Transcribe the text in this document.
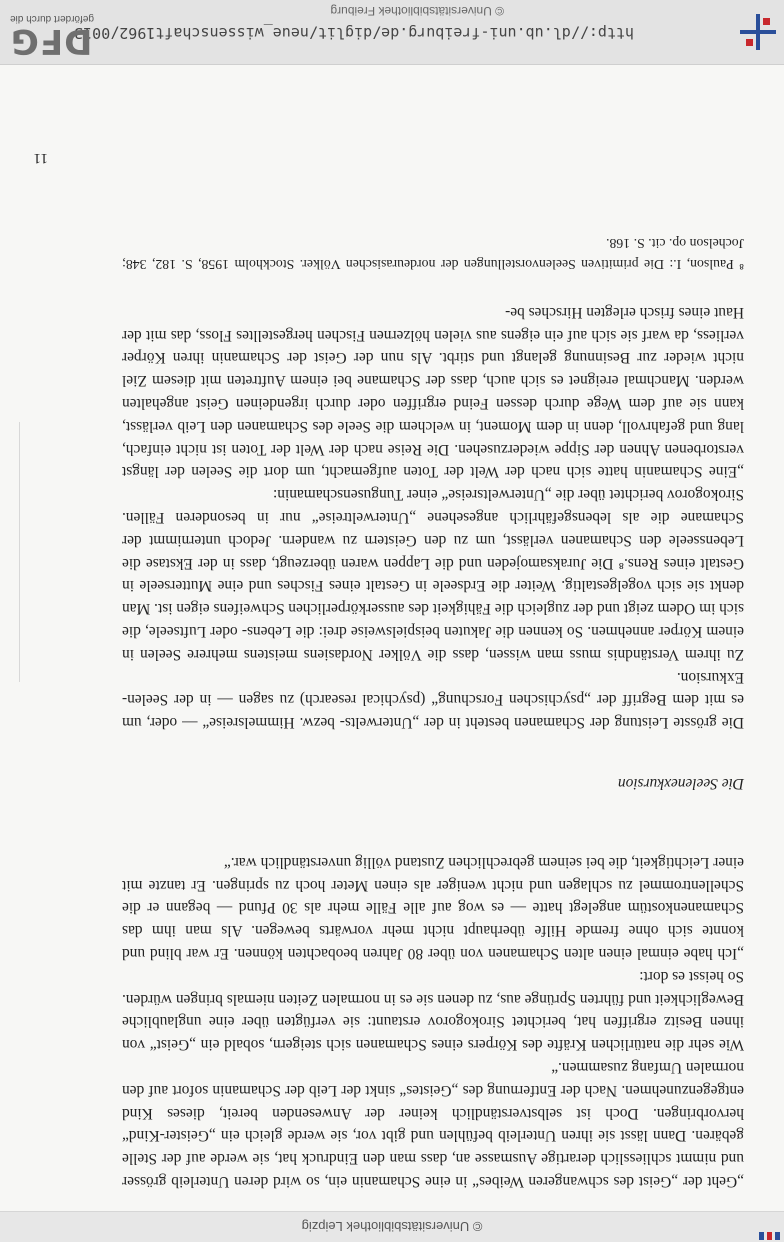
© Universitätsbibliothek Leipzig

„Geht der „Geist des schwangeren Weibes“ in eine Schamanin ein, so wird deren Unterleib grösser und nimmt schliesslich derartige Ausmasse an, dass man den Eindruck hat, sie werde auf der Stelle gebären. Dann lässt sie ihren Unterleib befühlen und gibt vor, sie werde gleich ein „Geister-Kind“ hervorbringen. Doch ist selbstverständlich keiner der Anwesenden bereit, dieses Kind entgegenzunehmen. Nach der Entfernung des „Geistes“ sinkt der Leib der Schamanin sofort auf den normalen Umfang zusammen.“

Wie sehr die natürlichen Kräfte des Körpers eines Schamanen sich steigern, sobald ein „Geist“ von ihnen Besitz ergriffen hat, berichtet Sirokogorov erstaunt: sie verfügten über eine unglaubliche Beweglichkeit und führten Sprünge aus, zu denen sie es in normalen Zeiten niemals bringen würden. So heisst es dort:

„Ich habe einmal einen alten Schamanen von über 80 Jahren beobachten können. Er war blind und konnte sich ohne fremde Hilfe überhaupt nicht mehr vorwärts bewegen. Als man ihm das Schamanenkostüm angelegt hatte — es wog auf alle Fälle mehr als 30 Pfund — begann er die Schellentrommel zu schlagen und nicht weniger als einen Meter hoch zu springen. Er tanzte mit einer Leichtigkeit, die bei seinem gebrechlichen Zustand völlig unverständlich war.“

Die Seelenexkursion

Die grösste Leistung der Schamanen besteht in der „Unterwelts- bezw. Himmelsreise“ — oder, um es mit dem Begriff der „psychischen Forschung“ (psychical research) zu sagen — in der Seelen-Exkursion.

Zu ihrem Verständnis muss man wissen, dass die Völker Nordasiens meistens mehrere Seelen in einem Körper annehmen. So kennen die Jakuten beispielsweise drei: die Lebens- oder Luftseele, die sich im Odem zeigt und der zugleich die Fähigkeit des ausserkörperlichen Schweifens eigen ist. Man denkt sie sich vogelgestaltig. Weiter die Erdseele in Gestalt eines Fisches und eine Mutterseele in Gestalt eines Rens.⁸ Die Juraksamojeden und die Lappen waren überzeugt, dass in der Ekstase die Lebensseele den Schamanen verlässt, um zu den Geistern zu wandern. Jedoch unternimmt der Schamane die als lebensgefährlich angesehene „Unterweltreise“ nur in besonderen Fällen. Sirokogorov berichtet über die „Unterweltsreise“ einer Tungusenschamanin:

„Eine Schamanin hatte sich nach der Welt der Toten aufgemacht, um dort die Seelen der längst verstorbenen Ahnen der Sippe wiederzusehen. Die Reise nach der Welt der Toten ist nicht einfach, lang und gefahrvoll, denn in dem Moment, in welchem die Seele des Schamanen den Leib verlässt, kann sie auf dem Wege durch dessen Feind ergriffen oder durch irgendeinen Geist angehalten werden. Manchmal ereignet es sich auch, dass der Schamane bei einem Auftreten mit diesem Ziel nicht wieder zur Besinnung gelangt und stirbt. Als nun der Geist der Schamanin ihren Körper verliess, da warf sie sich auf ein eigens aus vielen hölzernen Fischen hergestelltes Floss, das mit der Haut eines frisch erlegten Hirsches be-

⁸ Paulson, I.: Die primitiven Seelenvorstellungen der nordeurasischen Völker. Stockholm 1958, S. 182, 348; Jochelson op. cit. S. 168.

11
http://dl.ub.uni-freiburg.de/diglit/neue_wissenschaft1962/0013
© Universitätsbibliothek Freiburg
DFG
gefördert durch die
